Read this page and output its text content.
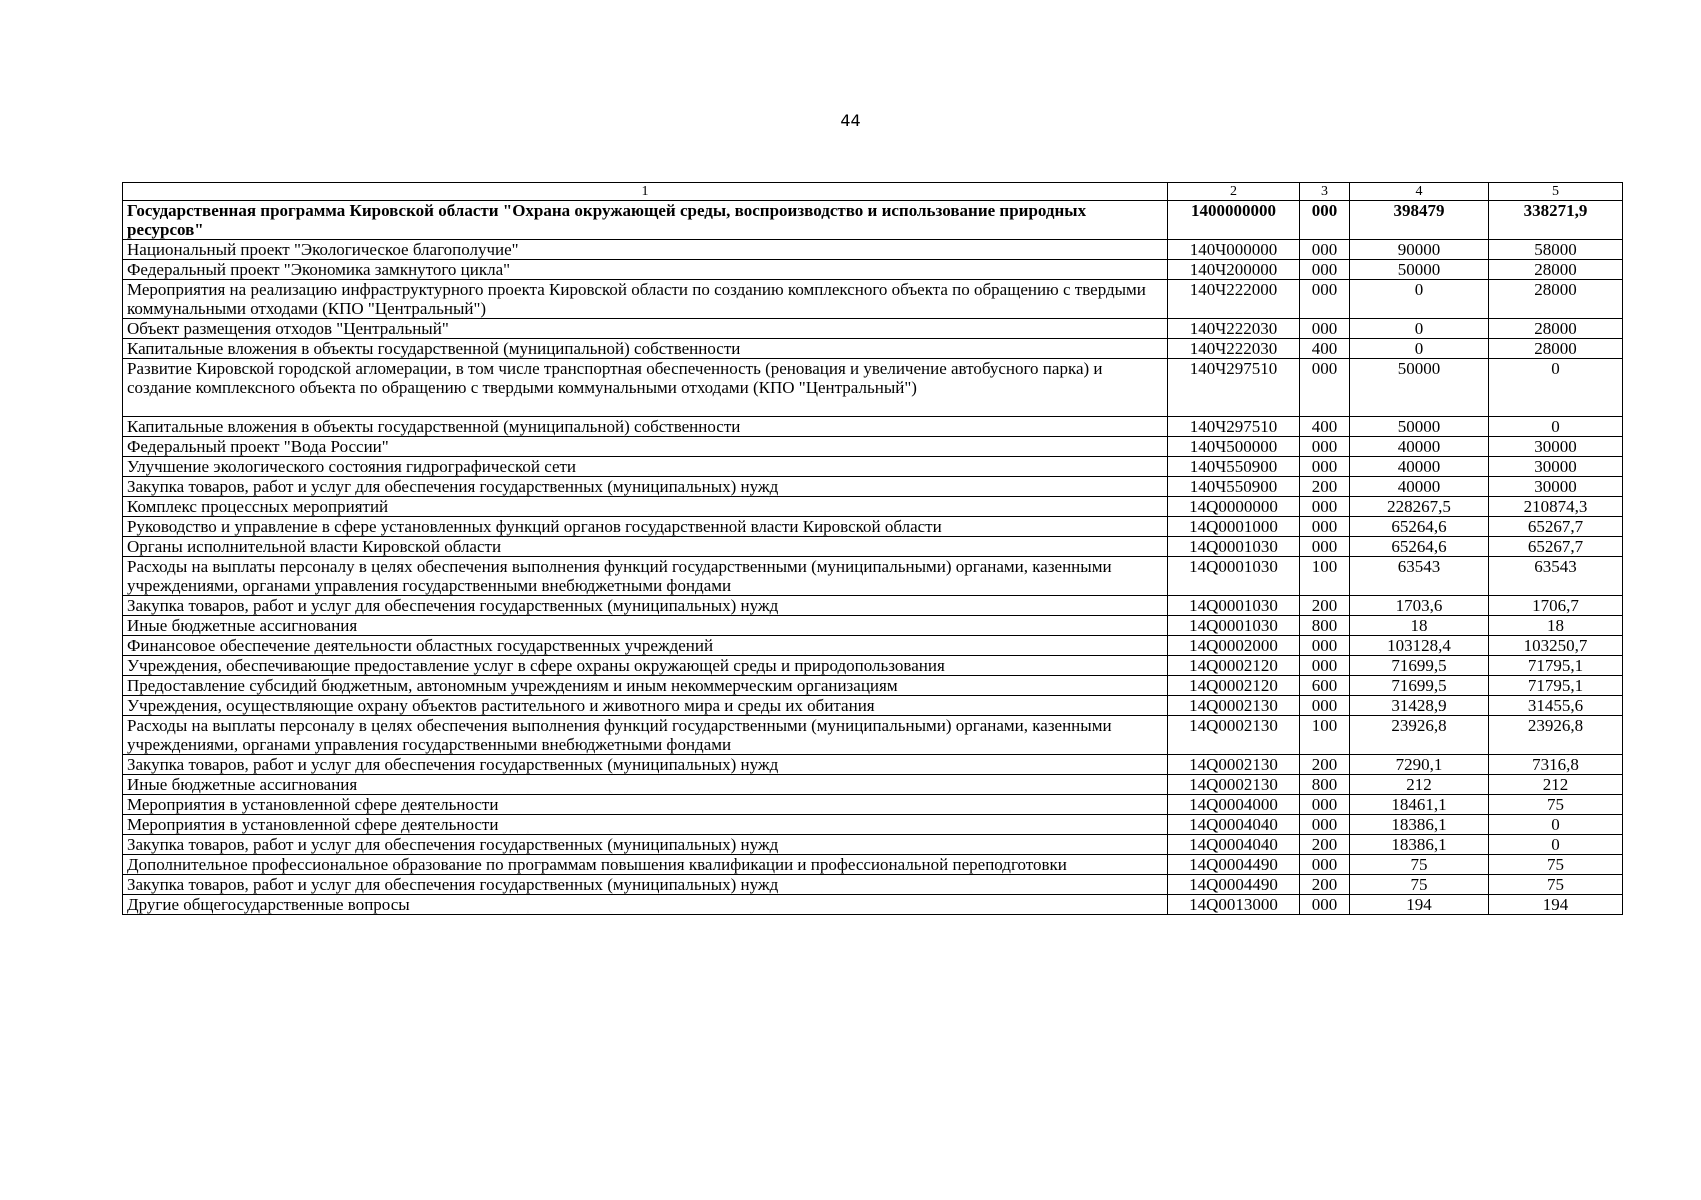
44
1	2	3	4	5
Государственная программа Кировской области "Охрана окружающей среды, воспроизводство и использование природных ресурсов"	1400000000	000	398479	338271,9
Национальный проект "Экологическое благополучие"	140Ч000000	000	90000	58000
Федеральный проект "Экономика замкнутого цикла"	140Ч200000	000	50000	28000
Мероприятия на реализацию инфраструктурного проекта Кировской области по созданию комплексного объекта по обращению с твердыми коммунальными отходами (КПО "Центральный")	140Ч222000	000	0	28000
Объект размещения отходов "Центральный"	140Ч222030	000	0	28000
Капитальные вложения в объекты государственной (муниципальной) собственности	140Ч222030	400	0	28000
Развитие Кировской городской агломерации, в том числе транспортная обеспеченность (реновация и увеличение автобусного парка) и создание комплексного объекта по обращению с твердыми коммунальными отходами (КПО "Центральный")	140Ч297510	000	50000	0
Капитальные вложения в объекты государственной (муниципальной) собственности	140Ч297510	400	50000	0
Федеральный проект "Вода России"	140Ч500000	000	40000	30000
Улучшение экологического состояния гидрографической сети	140Ч550900	000	40000	30000
Закупка товаров, работ и услуг для обеспечения государственных (муниципальных) нужд	140Ч550900	200	40000	30000
Комплекс процессных мероприятий	14Q0000000	000	228267,5	210874,3
Руководство и управление в сфере установленных функций органов государственной власти Кировской области	14Q0001000	000	65264,6	65267,7
Органы исполнительной власти Кировской области	14Q0001030	000	65264,6	65267,7
Расходы на выплаты персоналу в целях обеспечения выполнения функций государственными (муниципальными) органами, казенными учреждениями, органами управления государственными внебюджетными фондами	14Q0001030	100	63543	63543
Закупка товаров, работ и услуг для обеспечения государственных (муниципальных) нужд	14Q0001030	200	1703,6	1706,7
Иные бюджетные ассигнования	14Q0001030	800	18	18
Финансовое обеспечение деятельности областных государственных учреждений	14Q0002000	000	103128,4	103250,7
Учреждения, обеспечивающие предоставление услуг в сфере охраны окружающей среды и природопользования	14Q0002120	000	71699,5	71795,1
Предоставление субсидий бюджетным, автономным учреждениям и иным некоммерческим организациям	14Q0002120	600	71699,5	71795,1
Учреждения, осуществляющие охрану объектов растительного и животного мира и среды их обитания	14Q0002130	000	31428,9	31455,6
Расходы на выплаты персоналу в целях обеспечения выполнения функций государственными (муниципальными) органами, казенными учреждениями, органами управления государственными внебюджетными фондами	14Q0002130	100	23926,8	23926,8
Закупка товаров, работ и услуг для обеспечения государственных (муниципальных) нужд	14Q0002130	200	7290,1	7316,8
Иные бюджетные ассигнования	14Q0002130	800	212	212
Мероприятия в установленной сфере деятельности	14Q0004000	000	18461,1	75
Мероприятия в установленной сфере деятельности	14Q0004040	000	18386,1	0
Закупка товаров, работ и услуг для обеспечения государственных (муниципальных) нужд	14Q0004040	200	18386,1	0
Дополнительное профессиональное образование по программам повышения квалификации и профессиональной переподготовки	14Q0004490	000	75	75
Закупка товаров, работ и услуг для обеспечения государственных (муниципальных) нужд	14Q0004490	200	75	75
Другие общегосударственные вопросы	14Q0013000	000	194	194
